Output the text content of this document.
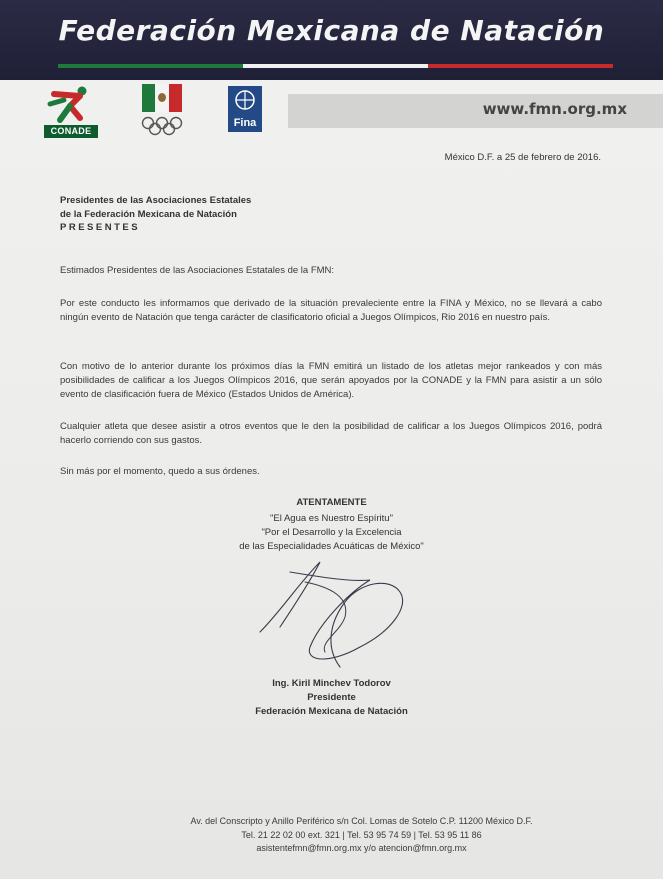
Federación Mexicana de Natación
CONADE
Fina
www.fmn.org.mx
México D.F. a 25 de febrero de 2016.
Presidentes de las Asociaciones Estatales
de la Federación Mexicana de Natación
PRESENTES
Estimados Presidentes de las Asociaciones Estatales de la FMN:
Por este conducto les informamos que derivado de la situación prevaleciente entre la FINA y México, no se llevará a cabo ningún evento de Natación que tenga carácter de clasificatorio oficial a Juegos Olímpicos, Rio 2016 en nuestro país.
Con motivo de lo anterior durante los próximos días la FMN emitirá un listado de los atletas mejor rankeados y con más posibilidades de calificar a los Juegos Olímpicos 2016, que serán apoyados por la CONADE y la FMN para asistir a un sólo evento de clasificación fuera de México (Estados Unidos de América).
Cualquier atleta que desee asistir a otros eventos que le den la posibilidad de calificar a los Juegos Olímpicos 2016, podrá hacerlo corriendo con sus gastos.
Sin más por el momento, quedo a sus órdenes.
ATENTAMENTE
"El Agua es Nuestro Espíritu"
"Por el Desarrollo y la Excelencia
de las Especialidades Acuáticas de México"
Ing. Kiril Minchev Todorov
Presidente
Federación Mexicana de Natación
Av. del Conscripto y Anillo Periférico s/n Col. Lomas de Sotelo C.P. 11200 México D.F.
Tel. 21 22 02 00 ext. 321 | Tel. 53 95 74 59 | Tel. 53 95 11 86
asistentefmn@fmn.org.mx y/o atencion@fmn.org.mx
